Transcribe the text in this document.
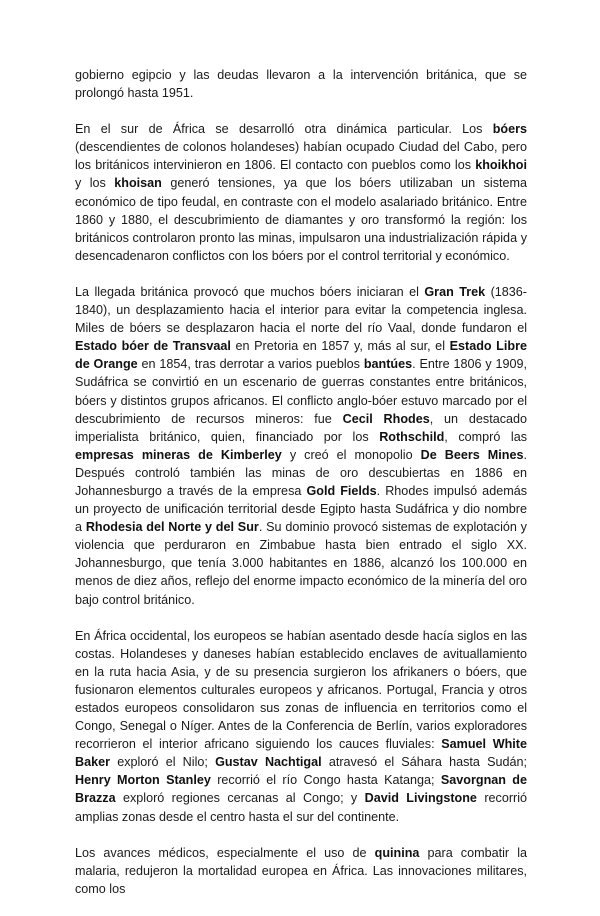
gobierno egipcio y las deudas llevaron a la intervención británica, que se prolongó hasta 1951.

En el sur de África se desarrolló otra dinámica particular. Los bóers (descendientes de colonos holandeses) habían ocupado Ciudad del Cabo, pero los británicos intervinieron en 1806. El contacto con pueblos como los khoikhoi y los khoisan generó tensiones, ya que los bóers utilizaban un sistema económico de tipo feudal, en contraste con el modelo asalariado británico. Entre 1860 y 1880, el descubrimiento de diamantes y oro transformó la región: los británicos controlaron pronto las minas, impulsaron una industrialización rápida y desencadenaron conflictos con los bóers por el control territorial y económico.

La llegada británica provocó que muchos bóers iniciaran el Gran Trek (1836-1840), un desplazamiento hacia el interior para evitar la competencia inglesa. Miles de bóers se desplazaron hacia el norte del río Vaal, donde fundaron el Estado bóer de Transvaal en Pretoria en 1857 y, más al sur, el Estado Libre de Orange en 1854, tras derrotar a varios pueblos bantúes. Entre 1806 y 1909, Sudáfrica se convirtió en un escenario de guerras constantes entre británicos, bóers y distintos grupos africanos. El conflicto anglo-bóer estuvo marcado por el descubrimiento de recursos mineros: fue Cecil Rhodes, un destacado imperialista británico, quien, financiado por los Rothschild, compró las empresas mineras de Kimberley y creó el monopolio De Beers Mines. Después controló también las minas de oro descubiertas en 1886 en Johannesburgo a través de la empresa Gold Fields. Rhodes impulsó además un proyecto de unificación territorial desde Egipto hasta Sudáfrica y dio nombre a Rhodesia del Norte y del Sur. Su dominio provocó sistemas de explotación y violencia que perduraron en Zimbabue hasta bien entrado el siglo XX. Johannesburgo, que tenía 3.000 habitantes en 1886, alcanzó los 100.000 en menos de diez años, reflejo del enorme impacto económico de la minería del oro bajo control británico.

En África occidental, los europeos se habían asentado desde hacía siglos en las costas. Holandeses y daneses habían establecido enclaves de avituallamiento en la ruta hacia Asia, y de su presencia surgieron los afrikaners o bóers, que fusionaron elementos culturales europeos y africanos. Portugal, Francia y otros estados europeos consolidaron sus zonas de influencia en territorios como el Congo, Senegal o Níger. Antes de la Conferencia de Berlín, varios exploradores recorrieron el interior africano siguiendo los cauces fluviales: Samuel White Baker exploró el Nilo; Gustav Nachtigal atravesó el Sáhara hasta Sudán; Henry Morton Stanley recorrió el río Congo hasta Katanga; Savorgnan de Brazza exploró regiones cercanas al Congo; y David Livingstone recorrió amplias zonas desde el centro hasta el sur del continente.

Los avances médicos, especialmente el uso de quinina para combatir la malaria, redujeron la mortalidad europea en África. Las innovaciones militares, como los
